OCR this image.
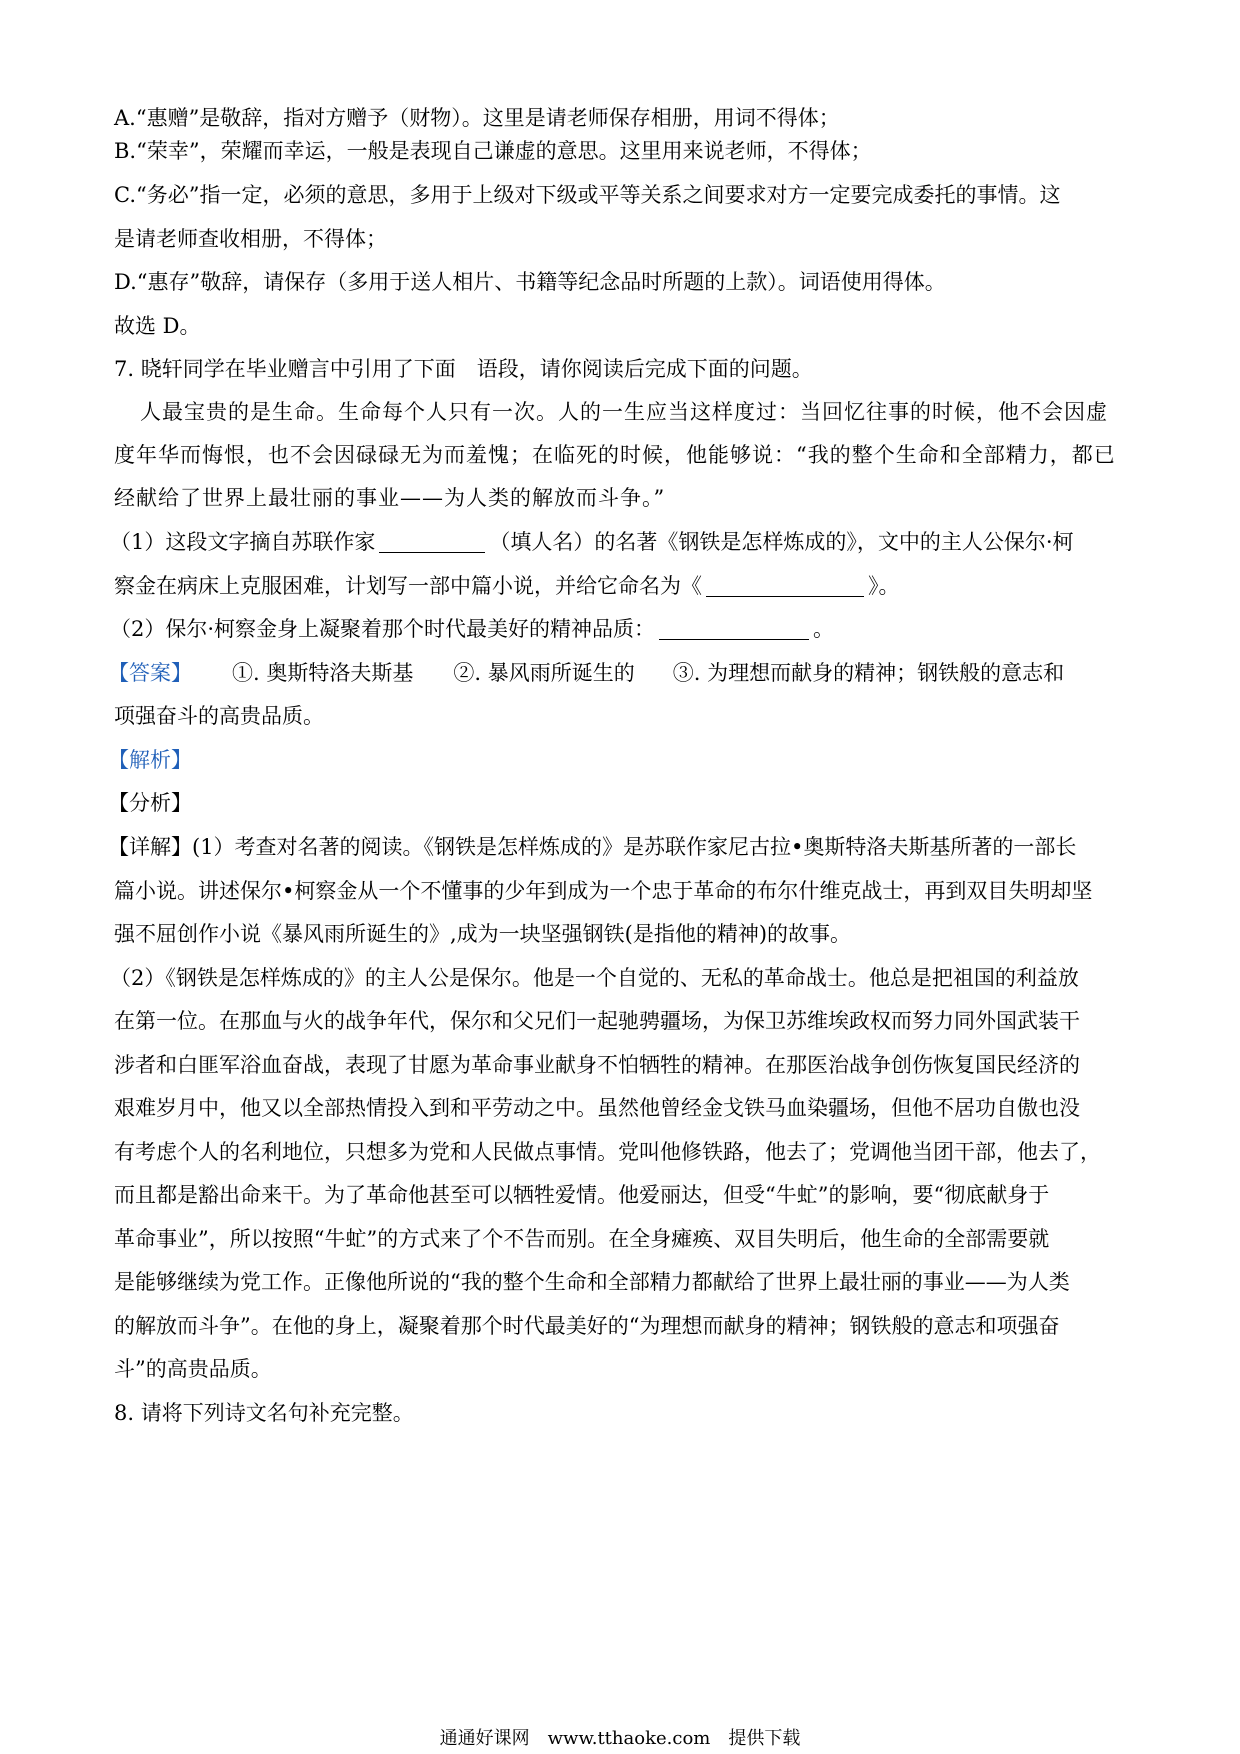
A.“惠赠”是敬辞，指对方赠予（财物）。这里是请老师保存相册，用词不得体；
B.“荣幸”，荣耀而幸运，一般是表现自己谦虚的意思。这里用来说老师，不得体；
C.“务必”指一定，必须的意思，多用于上级对下级或平等关系之间要求对方一定要完成委托的事情。这
是请老师查收相册，不得体；
D.“惠存”敬辞，请保存（多用于送人相片、书籍等纪念品时所题的上款）。词语使用得体。
故选 D。
7. 晓轩同学在毕业赠言中引用了下面　语段，请你阅读后完成下面的问题。
人最宝贵的是生命。生命每个人只有一次。人的一生应当这样度过：当回忆往事的时候，他不会因虚
度年华而悔恨，也不会因碌碌无为而羞愧；在临死的时候，他能够说：“我的整个生命和全部精力，都已
经献给了世界上最壮丽的事业——为人类的解放而斗争。”
（1）这段文字摘自苏联作家	（填人名）的名著《钢铁是怎样炼成的》，文中的主人公保尔·柯
察金在病床上克服困难，计划写一部中篇小说，并给它命名为《	》。
（2）保尔·柯察金身上凝聚着那个时代最美好的精神品质：	。
【答案】 ①. 奥斯特洛夫斯基 ②. 暴风雨所诞生的 ③. 为理想而献身的精神；钢铁般的意志和
项强奋斗的高贵品质。
【解析】
【分析】
【详解】(1）考查对名著的阅读。《钢铁是怎样炼成的》是苏联作家尼古拉•奥斯特洛夫斯基所著的一部长
篇小说。讲述保尔•柯察金从一个不懂事的少年到成为一个忠于革命的布尔什维克战士，再到双目失明却坚
强不屈创作小说《暴风雨所诞生的》,成为一块坚强钢铁(是指他的精神)的故事。
（2）《钢铁是怎样炼成的》的主人公是保尔。他是一个自觉的、无私的革命战士。他总是把祖国的利益放
在第一位。在那血与火的战争年代，保尔和父兄们一起驰骋疆场，为保卫苏维埃政权而努力同外国武装干
涉者和白匪军浴血奋战，表现了甘愿为革命事业献身不怕牺牲的精神。在那医治战争创伤恢复国民经济的
艰难岁月中，他又以全部热情投入到和平劳动之中。虽然他曾经金戈铁马血染疆场，但他不居功自傲也没
有考虑个人的名利地位，只想多为党和人民做点事情。党叫他修铁路，他去了；党调他当团干部，他去了，
而且都是豁出命来干。为了革命他甚至可以牺牲爱情。他爱丽达，但受“牛虻”的影响，要“彻底献身于
革命事业”，所以按照“牛虻”的方式来了个不告而别。在全身瘫痪、双目失明后，他生命的全部需要就
是能够继续为党工作。正像他所说的“我的整个生命和全部精力都献给了世界上最壮丽的事业——为人类
的解放而斗争”。在他的身上，凝聚着那个时代最美好的“为理想而献身的精神；钢铁般的意志和项强奋
斗”的高贵品质。
8. 请将下列诗文名句补充完整。
通通好课网　www.tthaoke.com　提供下载
